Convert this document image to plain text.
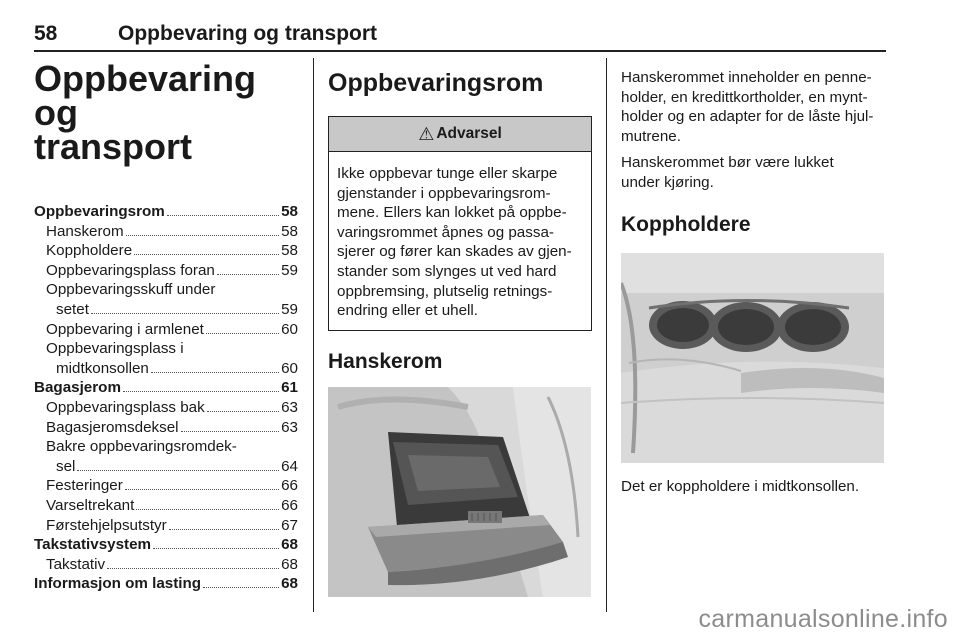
58	Oppbevaring og transport
Oppbevaring og
transport
Oppbevaringsrom	58
Hanskerom	58
Koppholdere	58
Oppbevaringsplass foran	59
Oppbevaringsskuff under
setet	59
Oppbevaring i armlenet	60
Oppbevaringsplass i
midtkonsollen	60
Bagasjerom	61
Oppbevaringsplass bak	63
Bagasjeromsdeksel	63
Bakre oppbevaringsromdek-
sel	64
Festeringer	66
Varseltrekant	66
Førstehjelpsutstyr	67
Takstativsystem	68
Takstativ	68
Informasjon om lasting	68
Oppbevaringsrom
⚠ Advarsel
Ikke oppbevar tunge eller skarpe
gjenstander i oppbevaringsrom-
mene. Ellers kan lokket på oppbe-
varingsrommet åpnes og passa-
sjerer og fører kan skades av gjen-
stander som slynges ut ved hard
oppbremsing, plutselig retnings-
endring eller et uhell.
Hanskerom

Hanskerommet inneholder en penne-
holder, en kredittkortholder, en mynt-
holder og en adapter for de låste hjul-
mutrene.

Hanskerommet bør være lukket
under kjøring.

Koppholdere

Det er koppholdere i midtkonsollen.

carmanualsonline.info
